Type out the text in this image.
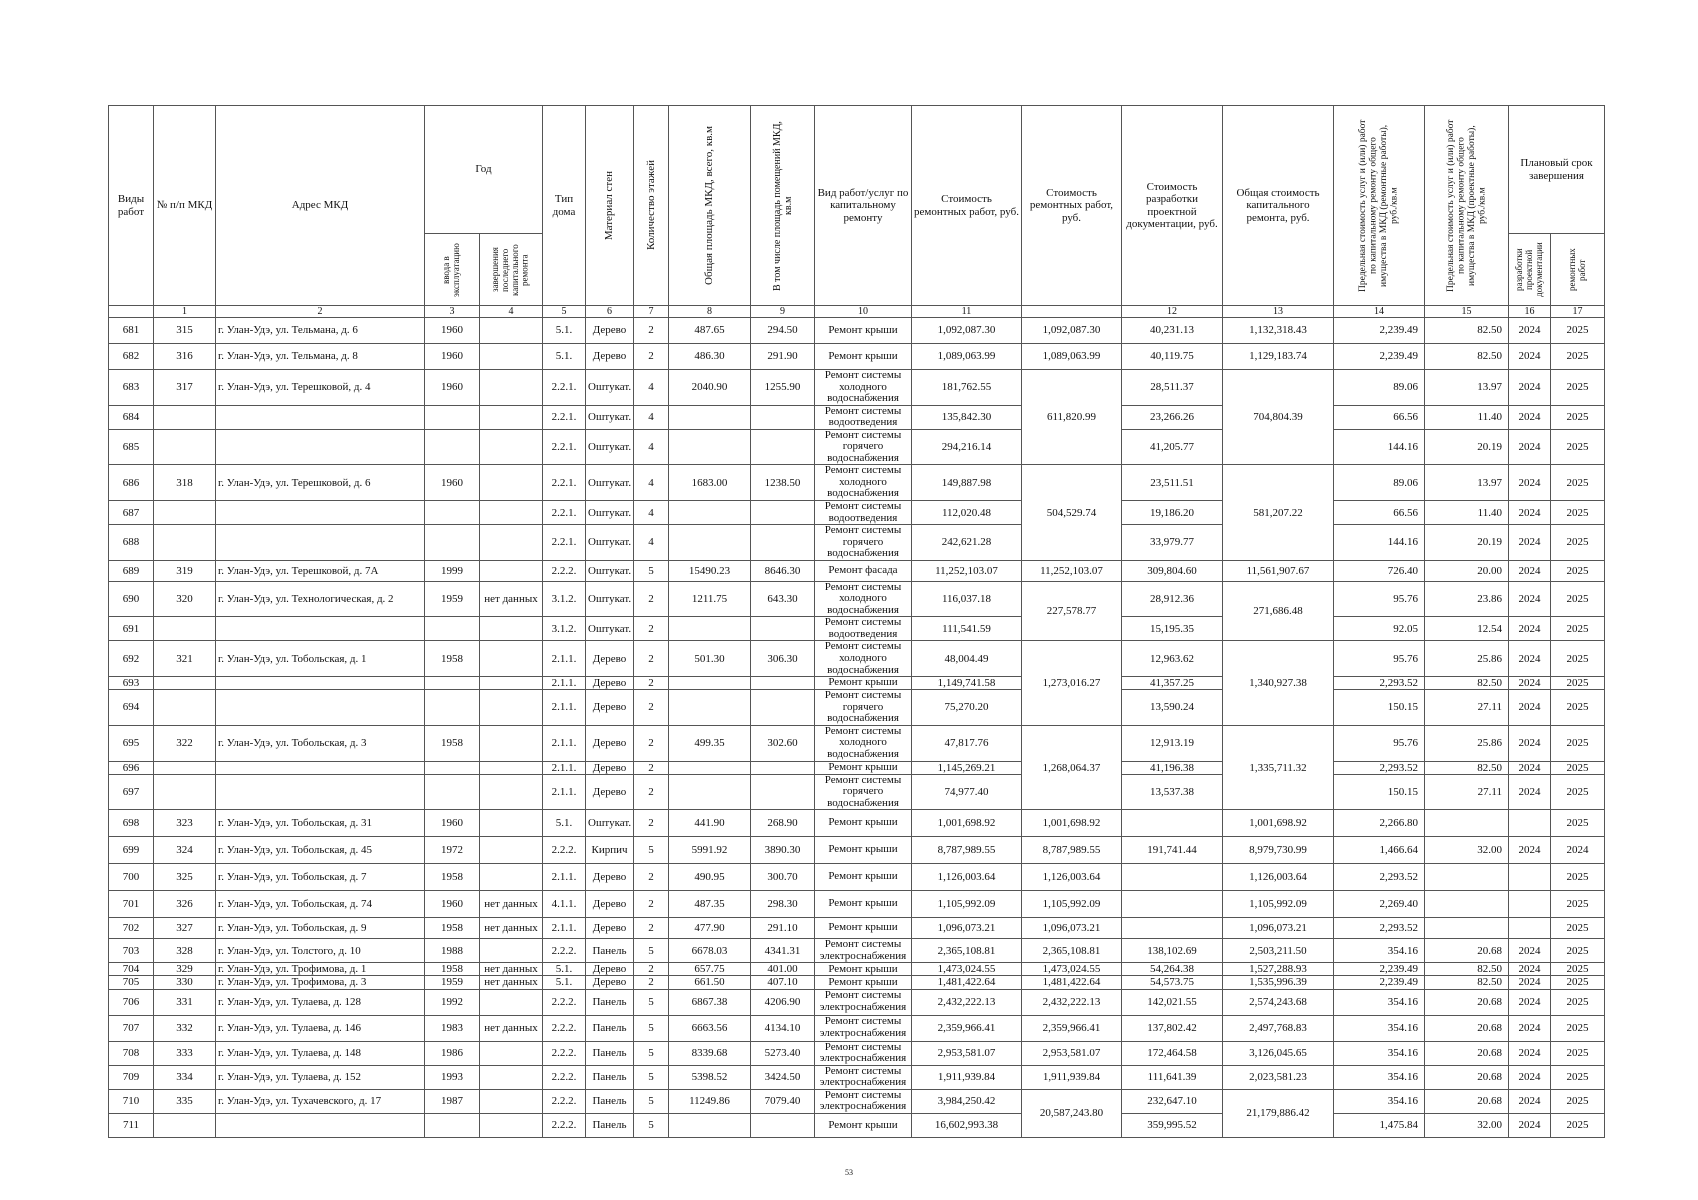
Виды работ	№ п/п МКД	Адрес МКД	Год		Тип дома	Материал стен	Количество этажей	Общая площадь МКД, всего, кв.м	В том числе площадь помещений МКД, кв.м	Вид работ/услуг по капитальному ремонту	Стоимость ремонтных работ, руб.	Стоимость ремонтных работ, руб.	Стоимость разработки проектной документации, руб.	Общая стоимость капитального ремонта, руб.	Предельная стоимость услуг и (или) работ по капитальному ремонту общего имущества в МКД (ремонтные работы), руб./кв.м	Предельная стоимость услуг и (или) работ по капитальному ремонту общего имущества в МКД (проектные работы), руб./кв.м	Плановый срок завершения	

			ввода в эксплуатацию	завершения последнего капитального ремонта													разработки проектной документации	ремонтных работ

	1	2	3	4	5	6	7	8	9	10	11		12	13	14	15	16	17
681	315	г. Улан-Удэ, ул. Тельмана, д. 6	1960		5.1.	Дерево	2	487.65	294.50	Ремонт крыши	1,092,087.30	1,092,087.30	40,231.13	1,132,318.43	2,239.49	82.50	2024	2025
682	316	г. Улан-Удэ, ул. Тельмана, д. 8	1960		5.1.	Дерево	2	486.30	291.90	Ремонт крыши	1,089,063.99	1,089,063.99	40,119.75	1,129,183.74	2,239.49	82.50	2024	2025
683	317	г. Улан-Удэ, ул. Терешковой, д. 4	1960		2.2.1.	Оштукат.	4	2040.90	1255.90	Ремонт системы холодного водоснабжения	181,762.55	611,820.99	28,511.37	704,804.39	89.06	13.97	2024	2025
684					2.2.1.	Оштукат.	4			Ремонт системы водоотведения	135,842.30		23,266.26		66.56	11.40	2024	2025
685					2.2.1.	Оштукат.	4			Ремонт системы горячего водоснабжения	294,216.14		41,205.77		144.16	20.19	2024	2025
686	318	г. Улан-Удэ, ул. Терешковой, д. 6	1960		2.2.1.	Оштукат.	4	1683.00	1238.50	Ремонт системы холодного водоснабжения	149,887.98	504,529.74	23,511.51	581,207.22	89.06	13.97	2024	2025
687					2.2.1.	Оштукат.	4			Ремонт системы водоотведения	112,020.48		19,186.20		66.56	11.40	2024	2025
688					2.2.1.	Оштукат.	4			Ремонт системы горячего водоснабжения	242,621.28		33,979.77		144.16	20.19	2024	2025
689	319	г. Улан-Удэ, ул. Терешковой, д. 7А	1999		2.2.2.	Оштукат.	5	15490.23	8646.30	Ремонт фасада	11,252,103.07	11,252,103.07	309,804.60	11,561,907.67	726.40	20.00	2024	2025
690	320	г. Улан-Удэ, ул. Технологическая, д. 2	1959	нет данных	3.1.2.	Оштукат.	2	1211.75	643.30	Ремонт системы холодного водоснабжения	116,037.18	227,578.77	28,912.36	271,686.48	95.76	23.86	2024	2025
691					3.1.2.	Оштукат.	2			Ремонт системы водоотведения	111,541.59		15,195.35		92.05	12.54	2024	2025
692	321	г. Улан-Удэ, ул. Тобольская, д. 1	1958		2.1.1.	Дерево	2	501.30	306.30	Ремонт системы холодного водоснабжения	48,004.49	1,273,016.27	12,963.62	1,340,927.38	95.76	25.86	2024	2025
693					2.1.1.	Дерево	2			Ремонт крыши	1,149,741.58		41,357.25		2,293.52	82.50	2024	2025
694					2.1.1.	Дерево	2			Ремонт системы горячего водоснабжения	75,270.20		13,590.24		150.15	27.11	2024	2025
695	322	г. Улан-Удэ, ул. Тобольская, д. 3	1958		2.1.1.	Дерево	2	499.35	302.60	Ремонт системы холодного водоснабжения	47,817.76	1,268,064.37	12,913.19	1,335,711.32	95.76	25.86	2024	2025
696					2.1.1.	Дерево	2			Ремонт крыши	1,145,269.21		41,196.38		2,293.52	82.50	2024	2025
697					2.1.1.	Дерево	2			Ремонт системы горячего водоснабжения	74,977.40		13,537.38		150.15	27.11	2024	2025
698	323	г. Улан-Удэ, ул. Тобольская, д. 31	1960		5.1.	Оштукат.	2	441.90	268.90	Ремонт крыши	1,001,698.92	1,001,698.92		1,001,698.92	2,266.80			2025
699	324	г. Улан-Удэ, ул. Тобольская, д. 45	1972		2.2.2.	Кирпич	5	5991.92	3890.30	Ремонт крыши	8,787,989.55	8,787,989.55	191,741.44	8,979,730.99	1,466.64	32.00	2024	2024
700	325	г. Улан-Удэ, ул. Тобольская, д. 7	1958		2.1.1.	Дерево	2	490.95	300.70	Ремонт крыши	1,126,003.64	1,126,003.64		1,126,003.64	2,293.52			2025
701	326	г. Улан-Удэ, ул. Тобольская, д. 74	1960	нет данных	4.1.1.	Дерево	2	487.35	298.30	Ремонт крыши	1,105,992.09	1,105,992.09		1,105,992.09	2,269.40			2025
702	327	г. Улан-Удэ, ул. Тобольская, д. 9	1958	нет данных	2.1.1.	Дерево	2	477.90	291.10	Ремонт крыши	1,096,073.21	1,096,073.21		1,096,073.21	2,293.52			2025
703	328	г. Улан-Удэ, ул. Толстого, д. 10	1988		2.2.2.	Панель	5	6678.03	4341.31	Ремонт системы электроснабжения	2,365,108.81	2,365,108.81	138,102.69	2,503,211.50	354.16	20.68	2024	2025
704	329	г. Улан-Удэ, ул. Трофимова, д. 1	1958	нет данных	5.1.	Дерево	2	657.75	401.00	Ремонт крыши	1,473,024.55	1,473,024.55	54,264.38	1,527,288.93	2,239.49	82.50	2024	2025
705	330	г. Улан-Удэ, ул. Трофимова, д. 3	1959	нет данных	5.1.	Дерево	2	661.50	407.10	Ремонт крыши	1,481,422.64	1,481,422.64	54,573.75	1,535,996.39	2,239.49	82.50	2024	2025
706	331	г. Улан-Удэ, ул. Тулаева, д. 128	1992		2.2.2.	Панель	5	6867.38	4206.90	Ремонт системы электроснабжения	2,432,222.13	2,432,222.13	142,021.55	2,574,243.68	354.16	20.68	2024	2025
707	332	г. Улан-Удэ, ул. Тулаева, д. 146	1983	нет данных	2.2.2.	Панель	5	6663.56	4134.10	Ремонт системы электроснабжения	2,359,966.41	2,359,966.41	137,802.42	2,497,768.83	354.16	20.68	2024	2025
708	333	г. Улан-Удэ, ул. Тулаева, д. 148	1986		2.2.2.	Панель	5	8339.68	5273.40	Ремонт системы электроснабжения	2,953,581.07	2,953,581.07	172,464.58	3,126,045.65	354.16	20.68	2024	2025
709	334	г. Улан-Удэ, ул. Тулаева, д. 152	1993		2.2.2.	Панель	5	5398.52	3424.50	Ремонт системы электроснабжения	1,911,939.84	1,911,939.84	111,641.39	2,023,581.23	354.16	20.68	2024	2025
710	335	г. Улан-Удэ, ул. Тухачевского, д. 17	1987		2.2.2.	Панель	5	11249.86	7079.40	Ремонт системы электроснабжения	3,984,250.42	20,587,243.80	232,647.10	21,179,886.42	354.16	20.68	2024	2025
711					2.2.2.	Панель	5			Ремонт крыши	16,602,993.38		359,995.52		1,475.84	32.00	2024	2025
53
